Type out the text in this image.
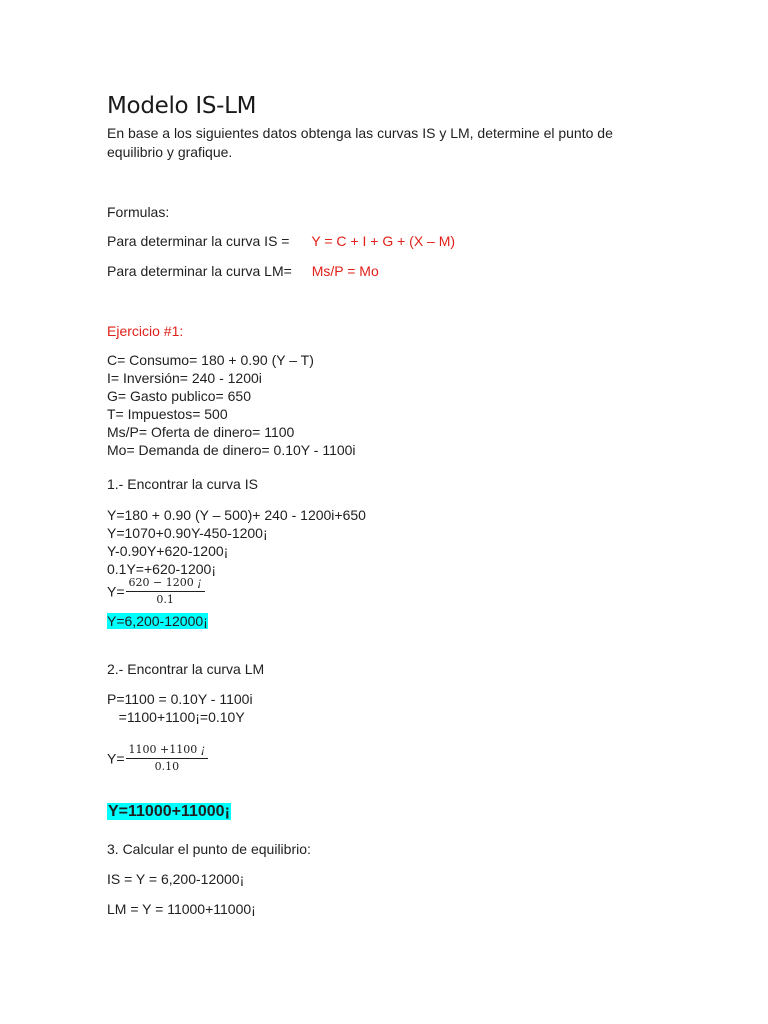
Modelo IS-LM
En base a los siguientes datos obtenga las curvas IS y LM, determine el punto de
equilibrio y grafique.
Formulas:
Para determinar la curva IS = Y = C + I + G + (X – M)
Para determinar la curva LM= Ms/P = Mo
Ejercicio #1:
C= Consumo= 180 + 0.90 (Y – T)
I= Inversión= 240 - 1200i
G= Gasto publico= 650
T= Impuestos= 500
Ms/P= Oferta de dinero= 1100
Mo= Demanda de dinero= 0.10Y - 1100i
1.- Encontrar la curva IS
Y=180 + 0.90 (Y – 500)+ 240 - 1200i+650
Y=1070+0.90Y-450-1200¡
Y-0.90Y+620-1200¡
0.1Y=+620-1200¡
$Y= \frac{620 - 1200 ¡}{0.1}$
Y=6,200-12000¡
2.- Encontrar la curva LM
P=1100 = 0.10Y - 1100i
=1100+1100¡=0.10Y
$Y= \frac{1100 +1100 ¡}{0.10}$
Y=11000+11000¡
3. Calcular el punto de equilibrio:
IS = Y = 6,200-12000¡
LM = Y = 11000+11000¡
